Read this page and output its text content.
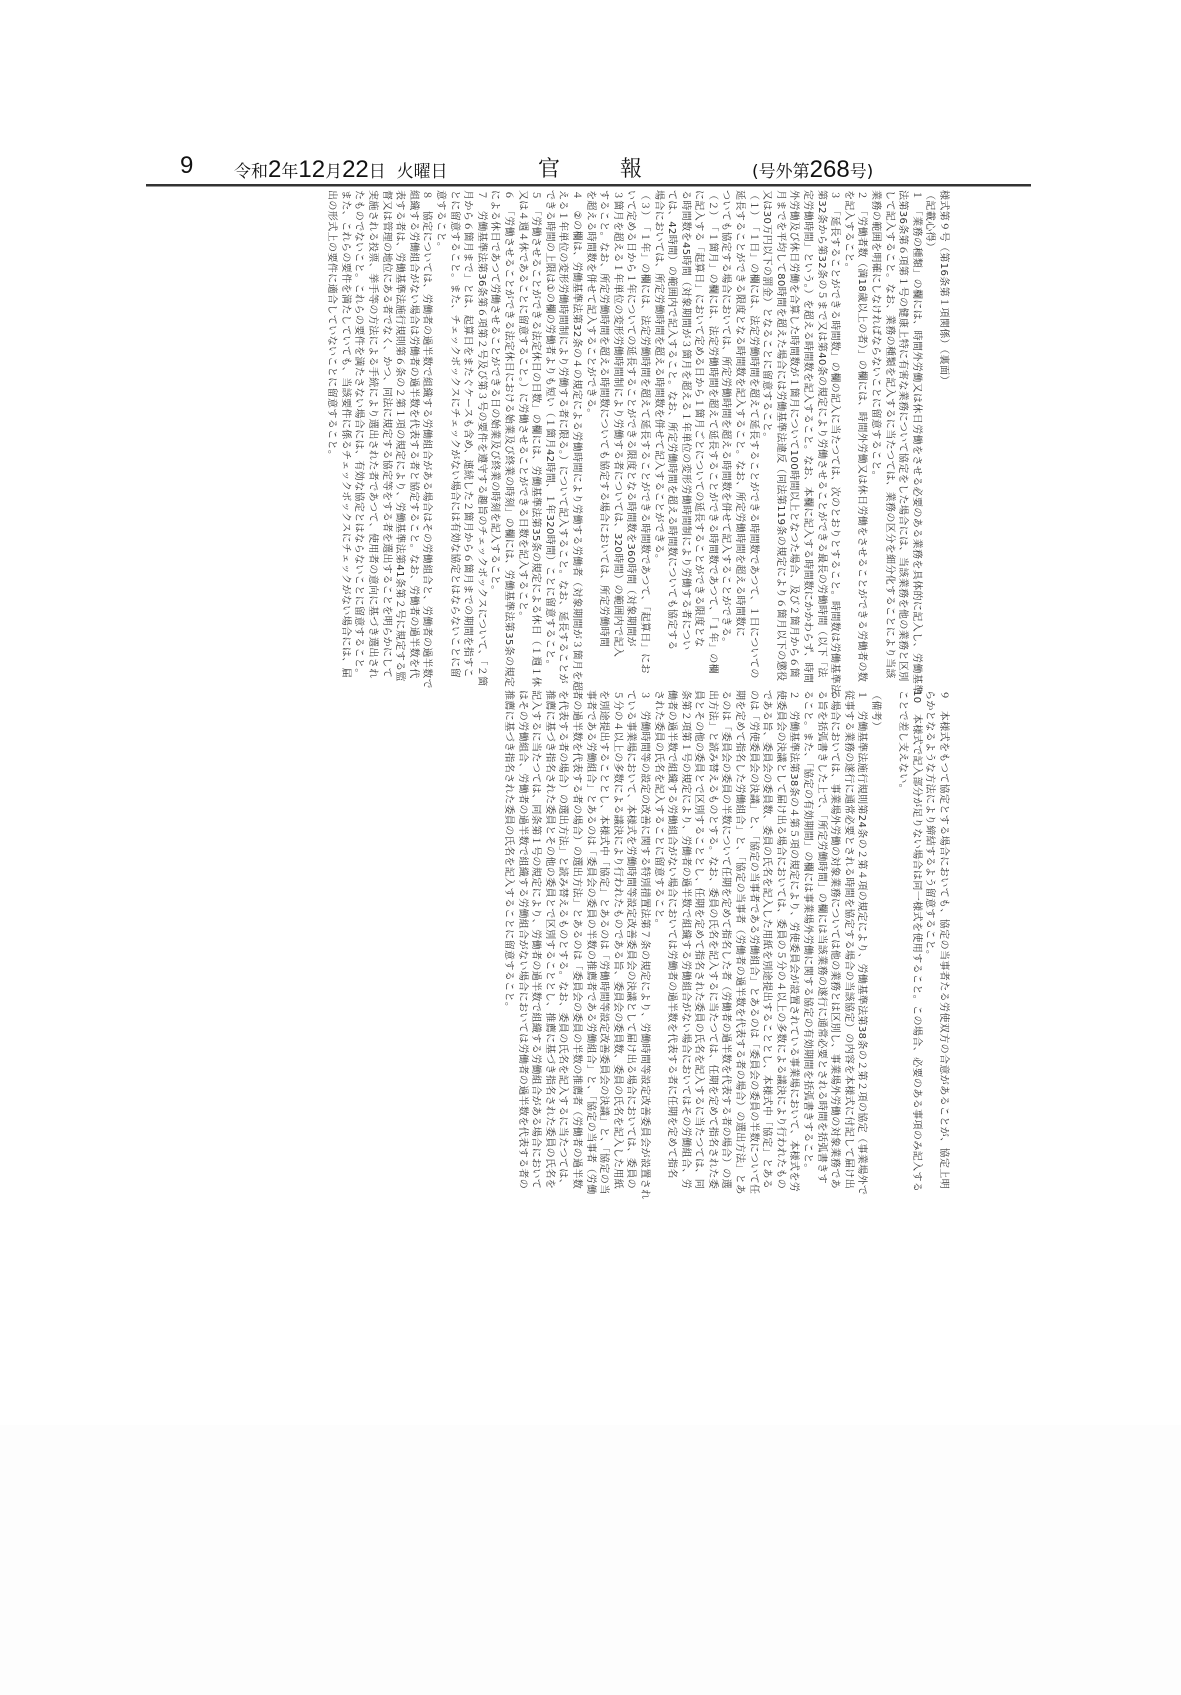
9 令和2年12月22日 火曜日	官	報	(号外第268号)

様式第９号（第16条第１項関係）（裏面）

（記載心得）

１　「業務の種類」の欄には、時間外労働又は休日労働をさせる必要のある業務を具体的に記入し、労働基準

法第36条第６項第１号の健康上特に有害な業務について協定をした場合には、当該業務を他の業務と区別

して記入すること。なお、業務の種類を記入するに当たつては、業務の区分を細分化することにより当該

業務の範囲を明確にしなければならないことに留意すること。

２　「労働者数（満18歳以上の者）」の欄には、時間外労働又は休日労働をさせることができる労働者の数

を記入すること。

３　「延長することができる時間数」の欄の記入に当たつては、次のとおりとすること。時間数は労働基準法

第32条から第32条の５まで又は第40条の規定により労働させることができる最長の労働時間（以下「法

定労働時間」という。）を超える時間数を記入すること。なお、本欄に記入する時間数にかかわらず、時間

外労働及び休日労働を合算した時間数が１箇月について100時間以上となつた場合、及び２箇月から６箇

月までを平均して80時間を超えた場合には労働基準法違反（同法第119条の規定により６箇月以下の懲役

又は30万円以下の罰金）となることに留意すること。

（１）　「１日」の欄には、法定労働時間を超えて延長することができる時間数であつて、１日についての

延長することができる限度となる時間数を記入すること。なお、所定労働時間を超える時間数に

ついても協定する場合においては、所定労働時間を超える時間数を併せて記入することができる。

（２）　「１箇月」の欄には、法定労働時間を超えて延長することができる時間数であつて、「１年」の欄

に記入する「起算日」において定める日から１箇月ごとについての延長することができる限度とな

る時間数を45時間（対象期間が３箇月を超える１年単位の変形労働時間制により労働する者につい

ては、42時間）の範囲内で記入すること。なお、所定労働時間を超える時間数についても協定する

場合においては、所定労働時間を超える時間数を併せて記入することができる。

（３）　「１年」の欄には、法定労働時間を超えて延長することができる時間数であつて、「起算日」にお

いて定める日から１年についての延長することができる限度となる時間数を360時間（対象期間が

３箇月を超える１年単位の変形労働時間制により労働する者については、320時間）の範囲内で記入

すること。なお、所定労働時間を超える時間数についても協定する場合においては、所定労働時間

を超える時間数を併せて記入することができる。

４　②の欄は、労働基準法第32条の４の規定による労働時間により労働する労働者（対象期間が３箇月を超

える１年単位の変形労働時間制により労働する者に限る。）について記入すること。なお、延長することが

できる時間の上限は①の欄の労働者よりも短い（１箇月42時間、１年320時間）ことに留意すること。

５　「労働させることができる法定休日の日数」の欄には、労働基準法第35条の規定による休日（１週１休

又は４週４休であることに留意すること。）に労働させることができる日数を記入すること。

６　「労働させることができる法定休日における始業及び終業の時刻」の欄には、労働基準法第35条の規定

による休日であつて労働させることができる日の始業及び終業の時刻を記入すること。

７　労働基準法第36条第６項第２号及び第３号の要件を遵守する趣旨のチェックボックスについて、「２箇

月から６箇月まで」とは、起算日をまたぐケースも含め、連続した２箇月から６箇月までの期間を指すこ

とに留意すること。また、チェックボックスにチェックがない場合には有効な協定とはならないことに留

意すること。

８　協定については、労働者の過半数で組織する労働組合がある場合はその労働組合と、労働者の過半数で

組織する労働組合がない場合は労働者の過半数を代表する者と協定すること。なお、労働者の過半数を代

表する者は、労働基準法施行規則第６条の２第１項の規定により、労働基準法第41条第２号に規定する監

督又は管理の地位にある者でなく、かつ、同法に規定する協定等をする者を選出することを明らかにして

実施される投票、挙手等の方法による手続により選出された者であつて、使用者の意向に基づき選出され

たものでないこと。これらの要件を満たさない場合には、有効な協定とはならないことに留意すること。

また、これらの要件を満たしていても、当該要件に係るチェックボックスにチェックがない場合には、届

出の形式上の要件に適合していないことに留意すること。

９　本様式をもつて協定とする場合においても、協定の当事者たる労使双方の合意があることが、協定上明

らかとなるような方法により締結するよう留意すること。

10　本様式で記入部分が足りない場合は同一様式を使用すること。この場合、必要のある事項のみ記入する

ことで差し支えない。

（備考）

１　労働基準法施行規則第24条の２第４項の規定により、労働基準法第38条の２第２項の協定（事業場外で

従事する業務の遂行に通常必要とされる時間を協定する場合の当該協定）の内容を本様式に付記して届け出

る場合においては、事業場外労働の対象業務については他の業務とは区別し、事業場外労働の対象業務であ

る旨を括弧書きした上で、「所定労働時間」の欄には当該業務の遂行に通常必要とされる時間を括弧書きす

ること。また、「協定の有効期間」の欄には事業場外労働に関する協定の有効期間を括弧書きすること。

２　労働基準法第38条の４第５項の規定により、労使委員会が設置されている事業場において、本様式を労

使委員会の決議として届け出る場合においては、委員の５分の４以上の多数による議決により行われたもの

である旨、委員会の委員数、委員の氏名を記入した用紙を別途提出することとし、本様式中「協定」とある

のは「労使委員会の決議」と、「協定の当事者である労働組合」とあるのは「委員会の委員の半数について任

期を定めて指名した労働組合」と、「協定の当事者（労働者の過半数を代表する者の場合）の選出方法」とあ

るのは「委員会の委員の半数について任期を定めて指名した者（労働者の過半数を代表する者の場合）の選

出方法」と読み替えるものとする。なお、委員の氏名を記入するに当たつては、任期を定めて指名された委

員とその他の委員とで区別することとし、任期を定めて指名された委員の氏名を記入するに当たつては、同

条第２項第１号の規定により、労働者の過半数で組織する労働組合がない場合においてはその労働組合、労

働者の過半数で組織する労働組合がない場合においては労働者の過半数を代表する者に任期を定めて指名

された委員の氏名を記入することに留意すること。

３　労働時間等の設定の改善に関する特別措置法第７条の規定により、労働時間等設定改善委員会が設置され

ている事業場において、本様式を労働時間等設定改善委員会の決議として届け出る場合においては、委員の

５分の４以上の多数による議決により行われたものである旨、委員会の委員数、委員の氏名を記入した用紙

を別途提出することとし、本様式中「協定」とあるのは「労働時間等設定改善委員会の決議」と、「協定の当

事者である労働組合」とあるのは「委員会の委員の半数の推薦者である労働組合」と、「協定の当事者（労働

者の過半数を代表する者の場合）の選出方法」とあるのは「委員会の委員の半数の推薦者（労働者の過半数

を代表する者の場合）の選出方法」と読み替えるものとする。なお、委員の氏名を記入するに当たつては、

推薦に基づき指名された委員とその他の委員とで区別することとし、推薦に基づき指名された委員の氏名を

記入するに当たつては、同条第１号の規定により、労働者の過半数で組織する労働組合がある場合において

はその労働組合、労働者の過半数で組織する労働組合がない場合においては労働者の過半数を代表する者の

推薦に基づき指名された委員の氏名を記入することに留意すること。
